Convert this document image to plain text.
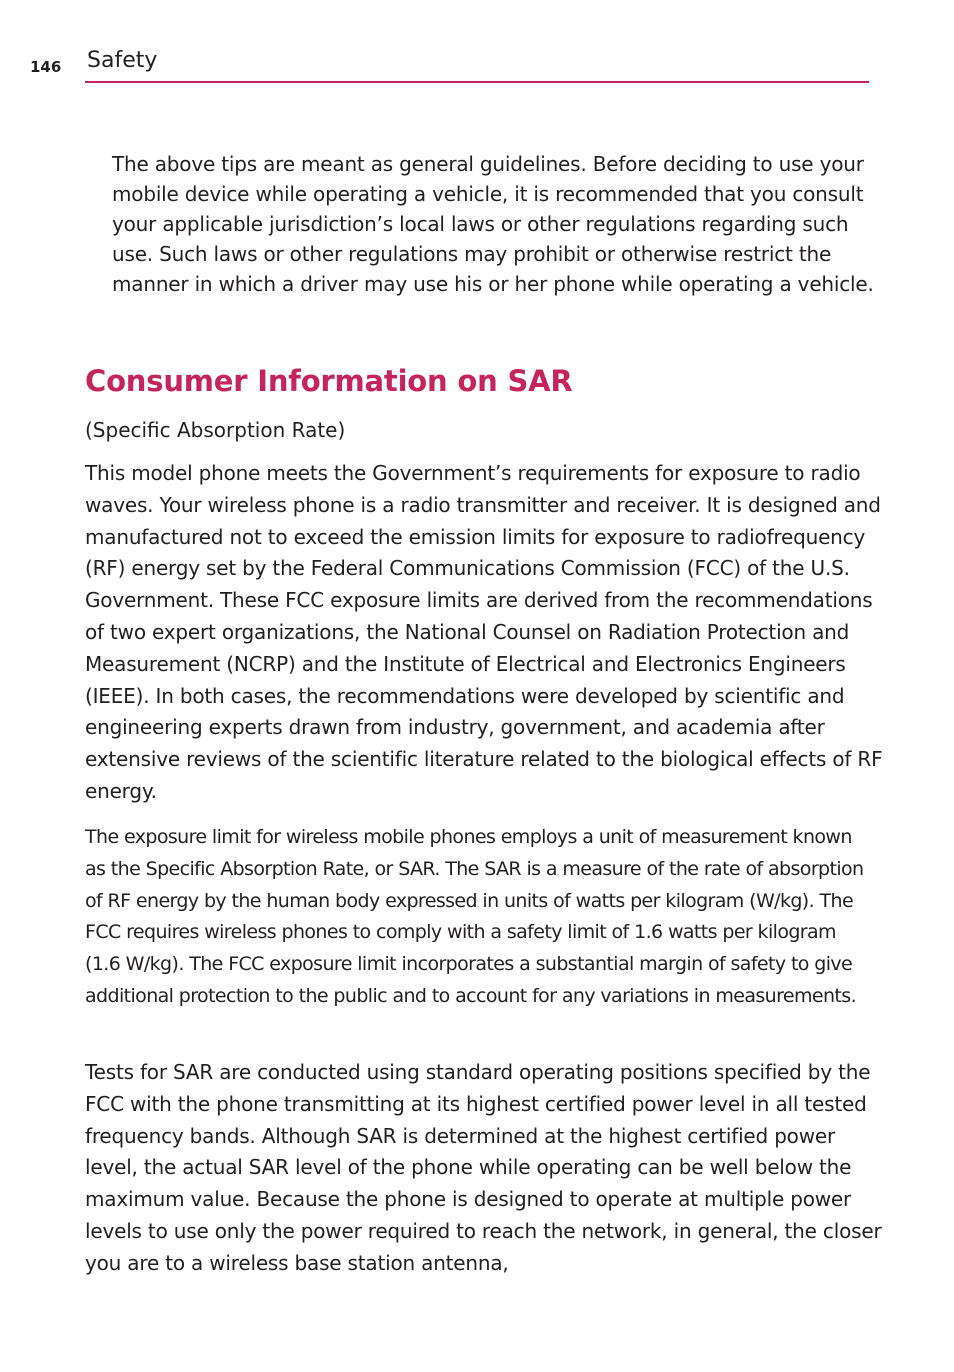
146 Safety

The above tips are meant as general guidelines. Before deciding to use your mobile device while operating a vehicle, it is recommended that you consult your applicable jurisdiction’s local laws or other regulations regarding such use. Such laws or other regulations may prohibit or otherwise restrict the manner in which a driver may use his or her phone while operating a vehicle.

Consumer Information on SAR
(Specific Absorption Rate)

This model phone meets the Government’s requirements for exposure to radio waves. Your wireless phone is a radio transmitter and receiver. It is designed and manufactured not to exceed the emission limits for exposure to radiofrequency (RF) energy set by the Federal Communications Commission (FCC) of the U.S. Government. These FCC exposure limits are derived from the recommendations of two expert organizations, the National Counsel on Radiation Protection and Measurement (NCRP) and the Institute of Electrical and Electronics Engineers (IEEE). In both cases, the recommendations were developed by scientific and engineering experts drawn from industry, government, and academia after extensive reviews of the scientific literature related to the biological effects of RF energy.

The exposure limit for wireless mobile phones employs a unit of measurement known as the Specific Absorption Rate, or SAR. The SAR is a measure of the rate of absorption of RF energy by the human body expressed in units of watts per kilogram (W/kg). The FCC requires wireless phones to comply with a safety limit of 1.6 watts per kilogram (1.6 W/kg). The FCC exposure limit incorporates a substantial margin of safety to give additional protection to the public and to account for any variations in measurements.

Tests for SAR are conducted using standard operating positions specified by the FCC with the phone transmitting at its highest certified power level in all tested frequency bands. Although SAR is determined at the highest certified power level, the actual SAR level of the phone while operating can be well below the maximum value. Because the phone is designed to operate at multiple power levels to use only the power required to reach the network, in general, the closer you are to a wireless base station antenna,
